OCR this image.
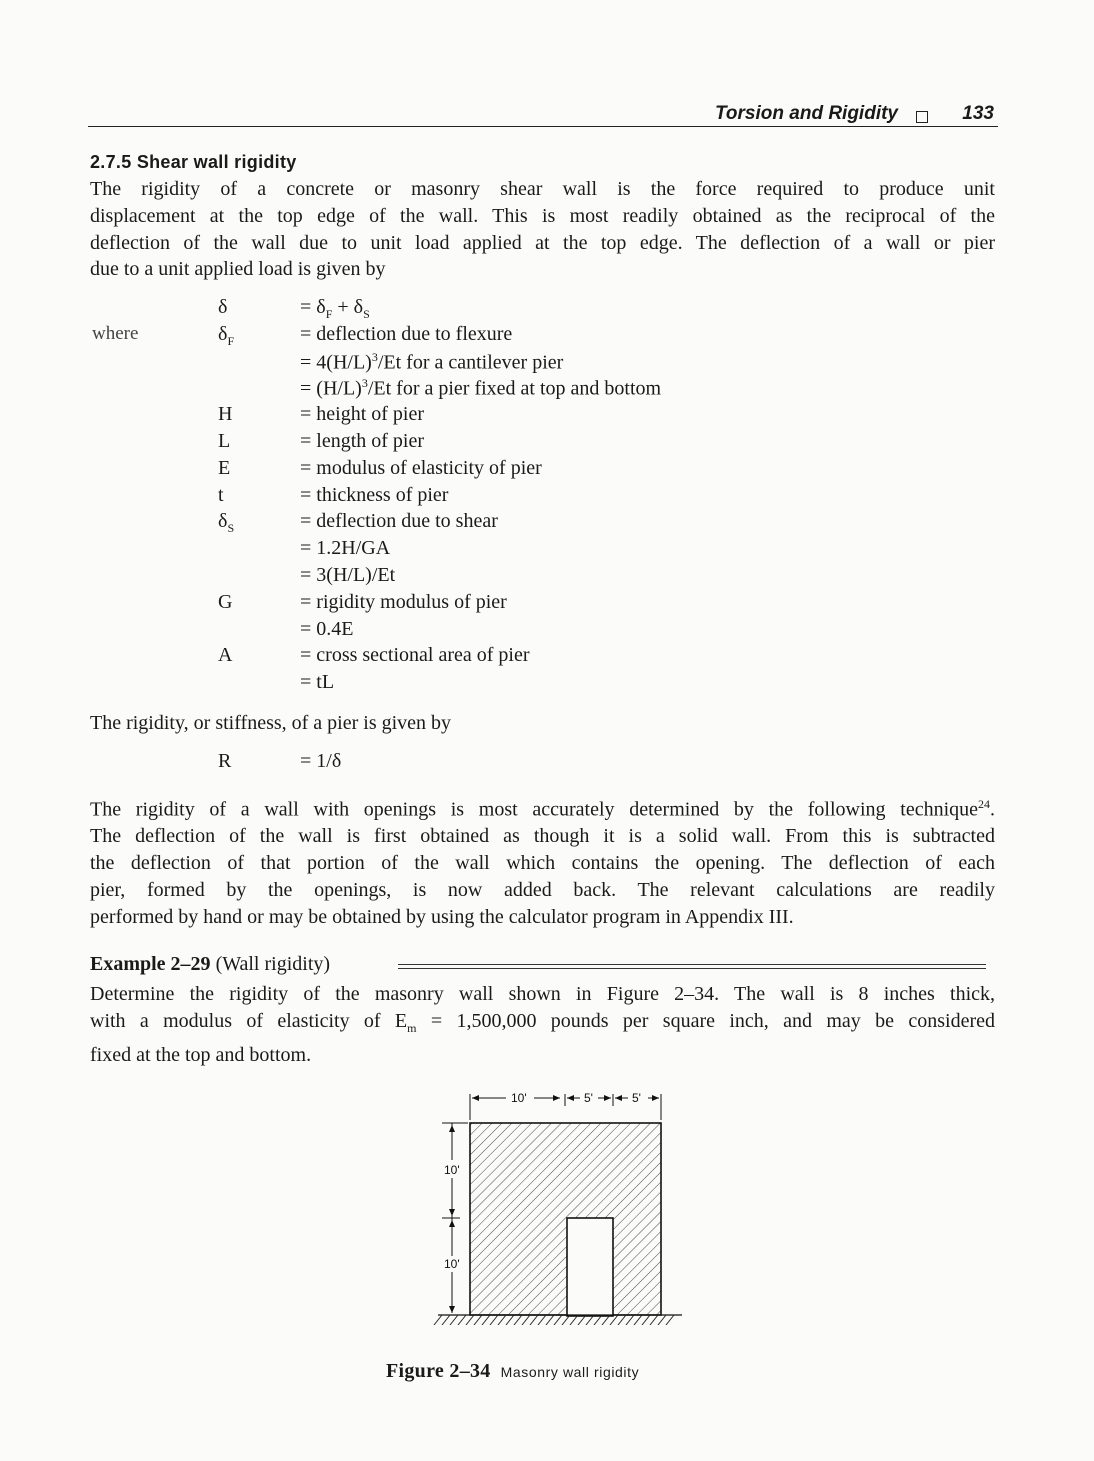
Torsion and Rigidity	133
2.7.5 Shear wall rigidity
The rigidity of a concrete or masonry shear wall is the force required to produce unit
displacement at the top edge of the wall. This is most readily obtained as the reciprocal of the
deflection of the wall due to unit load applied at the top edge. The deflection of a wall or pier
due to a unit applied load is given by
where
δ	= $\delta_F + \delta_S$
$\delta_F$	= deflection due to flexure
= $4(H/L)^3/Et$ for a cantilever pier
= $(H/L)^3/Et$ for a pier fixed at top and bottom
H	= height of pier
L	= length of pier
E	= modulus of elasticity of pier
t	= thickness of pier
$\delta_S$	= deflection due to shear
= 1.2H/GA
= 3(H/L)/Et
G	= rigidity modulus of pier
= 0.4E
A	= cross sectional area of pier
= tL
The rigidity, or stiffness, of a pier is given by
R	= 1/δ
The rigidity of a wall with openings is most accurately determined by the following technique$^{24}$.
The deflection of the wall is first obtained as though it is a solid wall. From this is subtracted
the deflection of that portion of the wall which contains the opening. The deflection of each
pier, formed by the openings, is now added back. The relevant calculations are readily
performed by hand or may be obtained by using the calculator program in Appendix III.
Example 2–29 (Wall rigidity)
Determine the rigidity of the masonry wall shown in Figure 2–34. The wall is 8 inches thick,
with a modulus of elasticity of $E_m = 1,500,000$ pounds per square inch, and may be considered
fixed at the top and bottom.
10'	5'	5'
10'
10'
Figure 2–34 Masonry wall rigidity
